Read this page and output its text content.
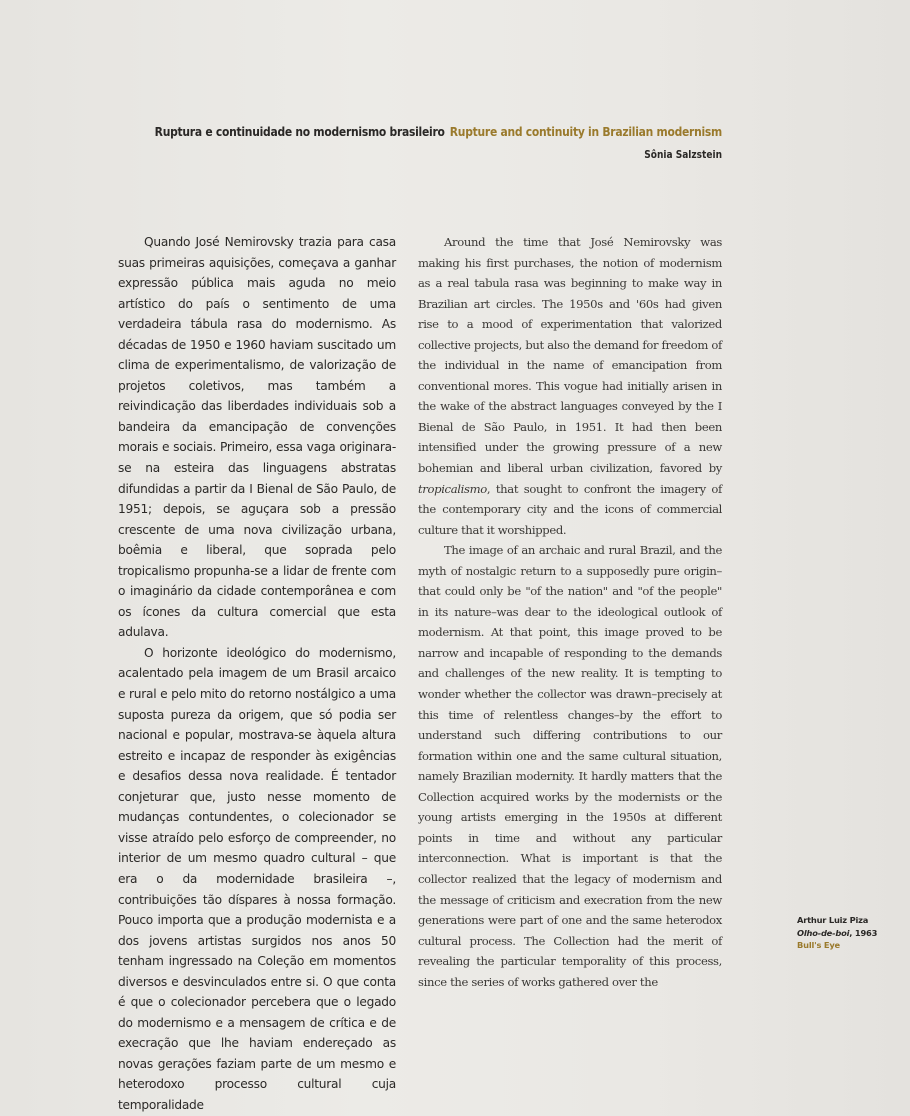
Ruptura e continuidade no modernismo brasileiro Rupture and continuity in Brazilian modernism
Sônia Salzstein

Quando José Nemirovsky trazia para casa suas primeiras aquisições, começava a ganhar expressão pública mais aguda no meio artístico do país o sentimento de uma verdadeira tábula rasa do modernismo. As décadas de 1950 e 1960 haviam suscitado um clima de experimentalismo, de valorização de projetos coletivos, mas também a reivindicação das liberdades individuais sob a bandeira da emancipação de convenções morais e sociais. Primeiro, essa vaga originara-se na esteira das linguagens abstratas difundidas a partir da I Bienal de São Paulo, de 1951; depois, se aguçara sob a pressão crescente de uma nova civilização urbana, boêmia e liberal, que soprada pelo tropicalismo propunha-se a lidar de frente com o imaginário da cidade contemporânea e com os ícones da cultura comercial que esta adulava.

O horizonte ideológico do modernismo, acalentado pela imagem de um Brasil arcaico e rural e pelo mito do retorno nostálgico a uma suposta pureza da origem, que só podia ser nacional e popular, mostrava-se àquela altura estreito e incapaz de responder às exigências e desafios dessa nova realidade. É tentador conjeturar que, justo nesse momento de mudanças contundentes, o colecionador se visse atraído pelo esforço de compreender, no interior de um mesmo quadro cultural – que era o da modernidade brasileira –, contribuições tão díspares à nossa formação. Pouco importa que a produção modernista e a dos jovens artistas surgidos nos anos 50 tenham ingressado na Coleção em momentos diversos e desvinculados entre si. O que conta é que o colecionador percebera que o legado do modernismo e a mensagem de crítica e de execração que lhe haviam endereçado as novas gerações faziam parte de um mesmo e heterodoxo processo cultural cuja temporalidade

Around the time that José Nemirovsky was making his first purchases, the notion of modernism as a real tabula rasa was beginning to make way in Brazilian art circles. The 1950s and '60s had given rise to a mood of experimentation that valorized collective projects, but also the demand for freedom of the individual in the name of emancipation from conventional mores. This vogue had initially arisen in the wake of the abstract languages conveyed by the I Bienal de São Paulo, in 1951. It had then been intensified under the growing pressure of a new bohemian and liberal urban civilization, favored by tropicalismo, that sought to confront the imagery of the contemporary city and the icons of commercial culture that it worshipped.

The image of an archaic and rural Brazil, and the myth of nostalgic return to a supposedly pure origin–that could only be "of the nation" and "of the people" in its nature–was dear to the ideological outlook of modernism. At that point, this image proved to be narrow and incapable of responding to the demands and challenges of the new reality. It is tempting to wonder whether the collector was drawn–precisely at this time of relentless changes–by the effort to understand such differing contributions to our formation within one and the same cultural situation, namely Brazilian modernity. It hardly matters that the Collection acquired works by the modernists or the young artists emerging in the 1950s at different points in time and without any particular interconnection. What is important is that the collector realized that the legacy of modernism and the message of criticism and execration from the new generations were part of one and the same heterodox cultural process. The Collection had the merit of revealing the particular temporality of this process, since the series of works gathered over the

Arthur Luiz Piza
Olho-de-boi, 1963
Bull's Eye
